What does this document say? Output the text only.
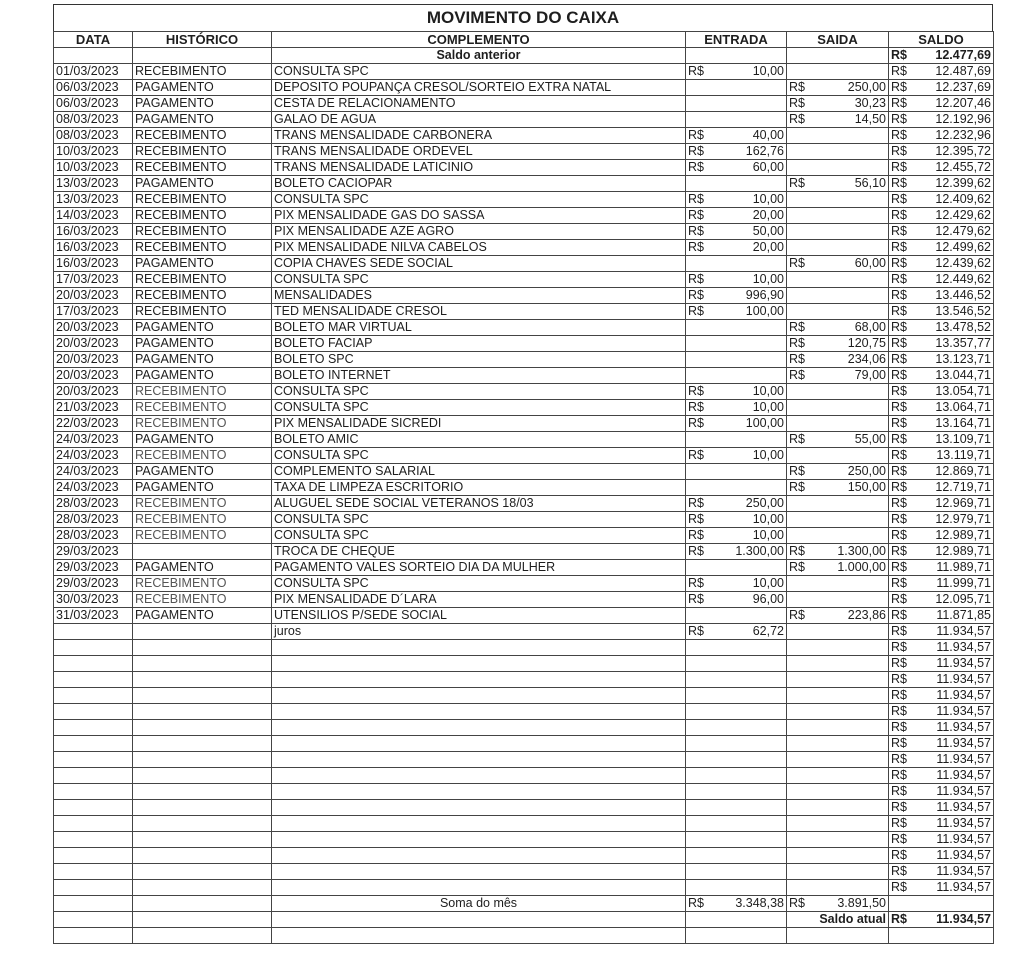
MOVIMENTO DO CAIXA
DATA	HISTÓRICO	COMPLEMENTO	ENTRADA	SAIDA	SALDO
		Saldo anterior			R$ 12.477,69

01/03/2023	RECEBIMENTO	CONSULTA SPC	R$ 10,00		R$ 12.487,69

06/03/2023	PAGAMENTO	DEPOSITO POUPANÇA CRESOL/SORTEIO EXTRA NATAL		R$ 250,00	R$ 12.237,69

06/03/2023	PAGAMENTO	CESTA DE RELACIONAMENTO		R$ 30,23	R$ 12.207,46

08/03/2023	PAGAMENTO	GALAO DE AGUA		R$ 14,50	R$ 12.192,96

08/03/2023	RECEBIMENTO	TRANS MENSALIDADE CARBONERA	R$ 40,00		R$ 12.232,96

10/03/2023	RECEBIMENTO	TRANS MENSALIDADE ORDEVEL	R$ 162,76		R$ 12.395,72

10/03/2023	RECEBIMENTO	TRANS MENSALIDADE LATICINIO	R$ 60,00		R$ 12.455,72

13/03/2023	PAGAMENTO	BOLETO CACIOPAR		R$ 56,10	R$ 12.399,62

13/03/2023	RECEBIMENTO	CONSULTA SPC	R$ 10,00		R$ 12.409,62

14/03/2023	RECEBIMENTO	PIX MENSALIDADE GAS DO SASSA	R$ 20,00		R$ 12.429,62

16/03/2023	RECEBIMENTO	PIX MENSALIDADE AZE AGRO	R$ 50,00		R$ 12.479,62

16/03/2023	RECEBIMENTO	PIX MENSALIDADE NILVA CABELOS	R$ 20,00		R$ 12.499,62

16/03/2023	PAGAMENTO	COPIA CHAVES SEDE SOCIAL		R$ 60,00	R$ 12.439,62

17/03/2023	RECEBIMENTO	CONSULTA SPC	R$ 10,00		R$ 12.449,62

20/03/2023	RECEBIMENTO	MENSALIDADES	R$ 996,90		R$ 13.446,52

17/03/2023	RECEBIMENTO	TED MENSALIDADE CRESOL	R$ 100,00		R$ 13.546,52

20/03/2023	PAGAMENTO	BOLETO MAR VIRTUAL		R$ 68,00	R$ 13.478,52

20/03/2023	PAGAMENTO	BOLETO FACIAP		R$ 120,75	R$ 13.357,77

20/03/2023	PAGAMENTO	BOLETO SPC		R$ 234,06	R$ 13.123,71

20/03/2023	PAGAMENTO	BOLETO INTERNET		R$ 79,00	R$ 13.044,71

20/03/2023	RECEBIMENTO	CONSULTA SPC	R$ 10,00		R$ 13.054,71

21/03/2023	RECEBIMENTO	CONSULTA SPC	R$ 10,00		R$ 13.064,71

22/03/2023	RECEBIMENTO	PIX MENSALIDADE SICREDI	R$ 100,00		R$ 13.164,71

24/03/2023	PAGAMENTO	BOLETO AMIC		R$ 55,00	R$ 13.109,71

24/03/2023	RECEBIMENTO	CONSULTA SPC	R$ 10,00		R$ 13.119,71

24/03/2023	PAGAMENTO	COMPLEMENTO SALARIAL		R$ 250,00	R$ 12.869,71

24/03/2023	PAGAMENTO	TAXA DE LIMPEZA ESCRITORIO		R$ 150,00	R$ 12.719,71

28/03/2023	RECEBIMENTO	ALUGUEL SEDE SOCIAL VETERANOS 18/03	R$ 250,00		R$ 12.969,71

28/03/2023	RECEBIMENTO	CONSULTA SPC	R$ 10,00		R$ 12.979,71

28/03/2023	RECEBIMENTO	CONSULTA SPC	R$ 10,00		R$ 12.989,71

29/03/2023		TROCA DE CHEQUE	R$ 1.300,00	R$ 1.300,00	R$ 12.989,71

29/03/2023	PAGAMENTO	PAGAMENTO VALES SORTEIO DIA DA MULHER		R$ 1.000,00	R$ 11.989,71

29/03/2023	RECEBIMENTO	CONSULTA SPC	R$ 10,00		R$ 11.999,71

30/03/2023	RECEBIMENTO	PIX MENSALIDADE D´LARA	R$ 96,00		R$ 12.095,71

31/03/2023	PAGAMENTO	UTENSILIOS P/SEDE SOCIAL		R$ 223,86	R$ 11.871,85

		juros	R$ 62,72		R$ 11.934,57

					R$ 11.934,57

					R$ 11.934,57

					R$ 11.934,57

					R$ 11.934,57

					R$ 11.934,57

					R$ 11.934,57

					R$ 11.934,57

					R$ 11.934,57

					R$ 11.934,57

					R$ 11.934,57

					R$ 11.934,57

					R$ 11.934,57

					R$ 11.934,57

					R$ 11.934,57

					R$ 11.934,57

					R$ 11.934,57

		Soma do mês	R$ 3.348,38	R$ 3.891,50	

				Saldo atual	R$ 11.934,57
